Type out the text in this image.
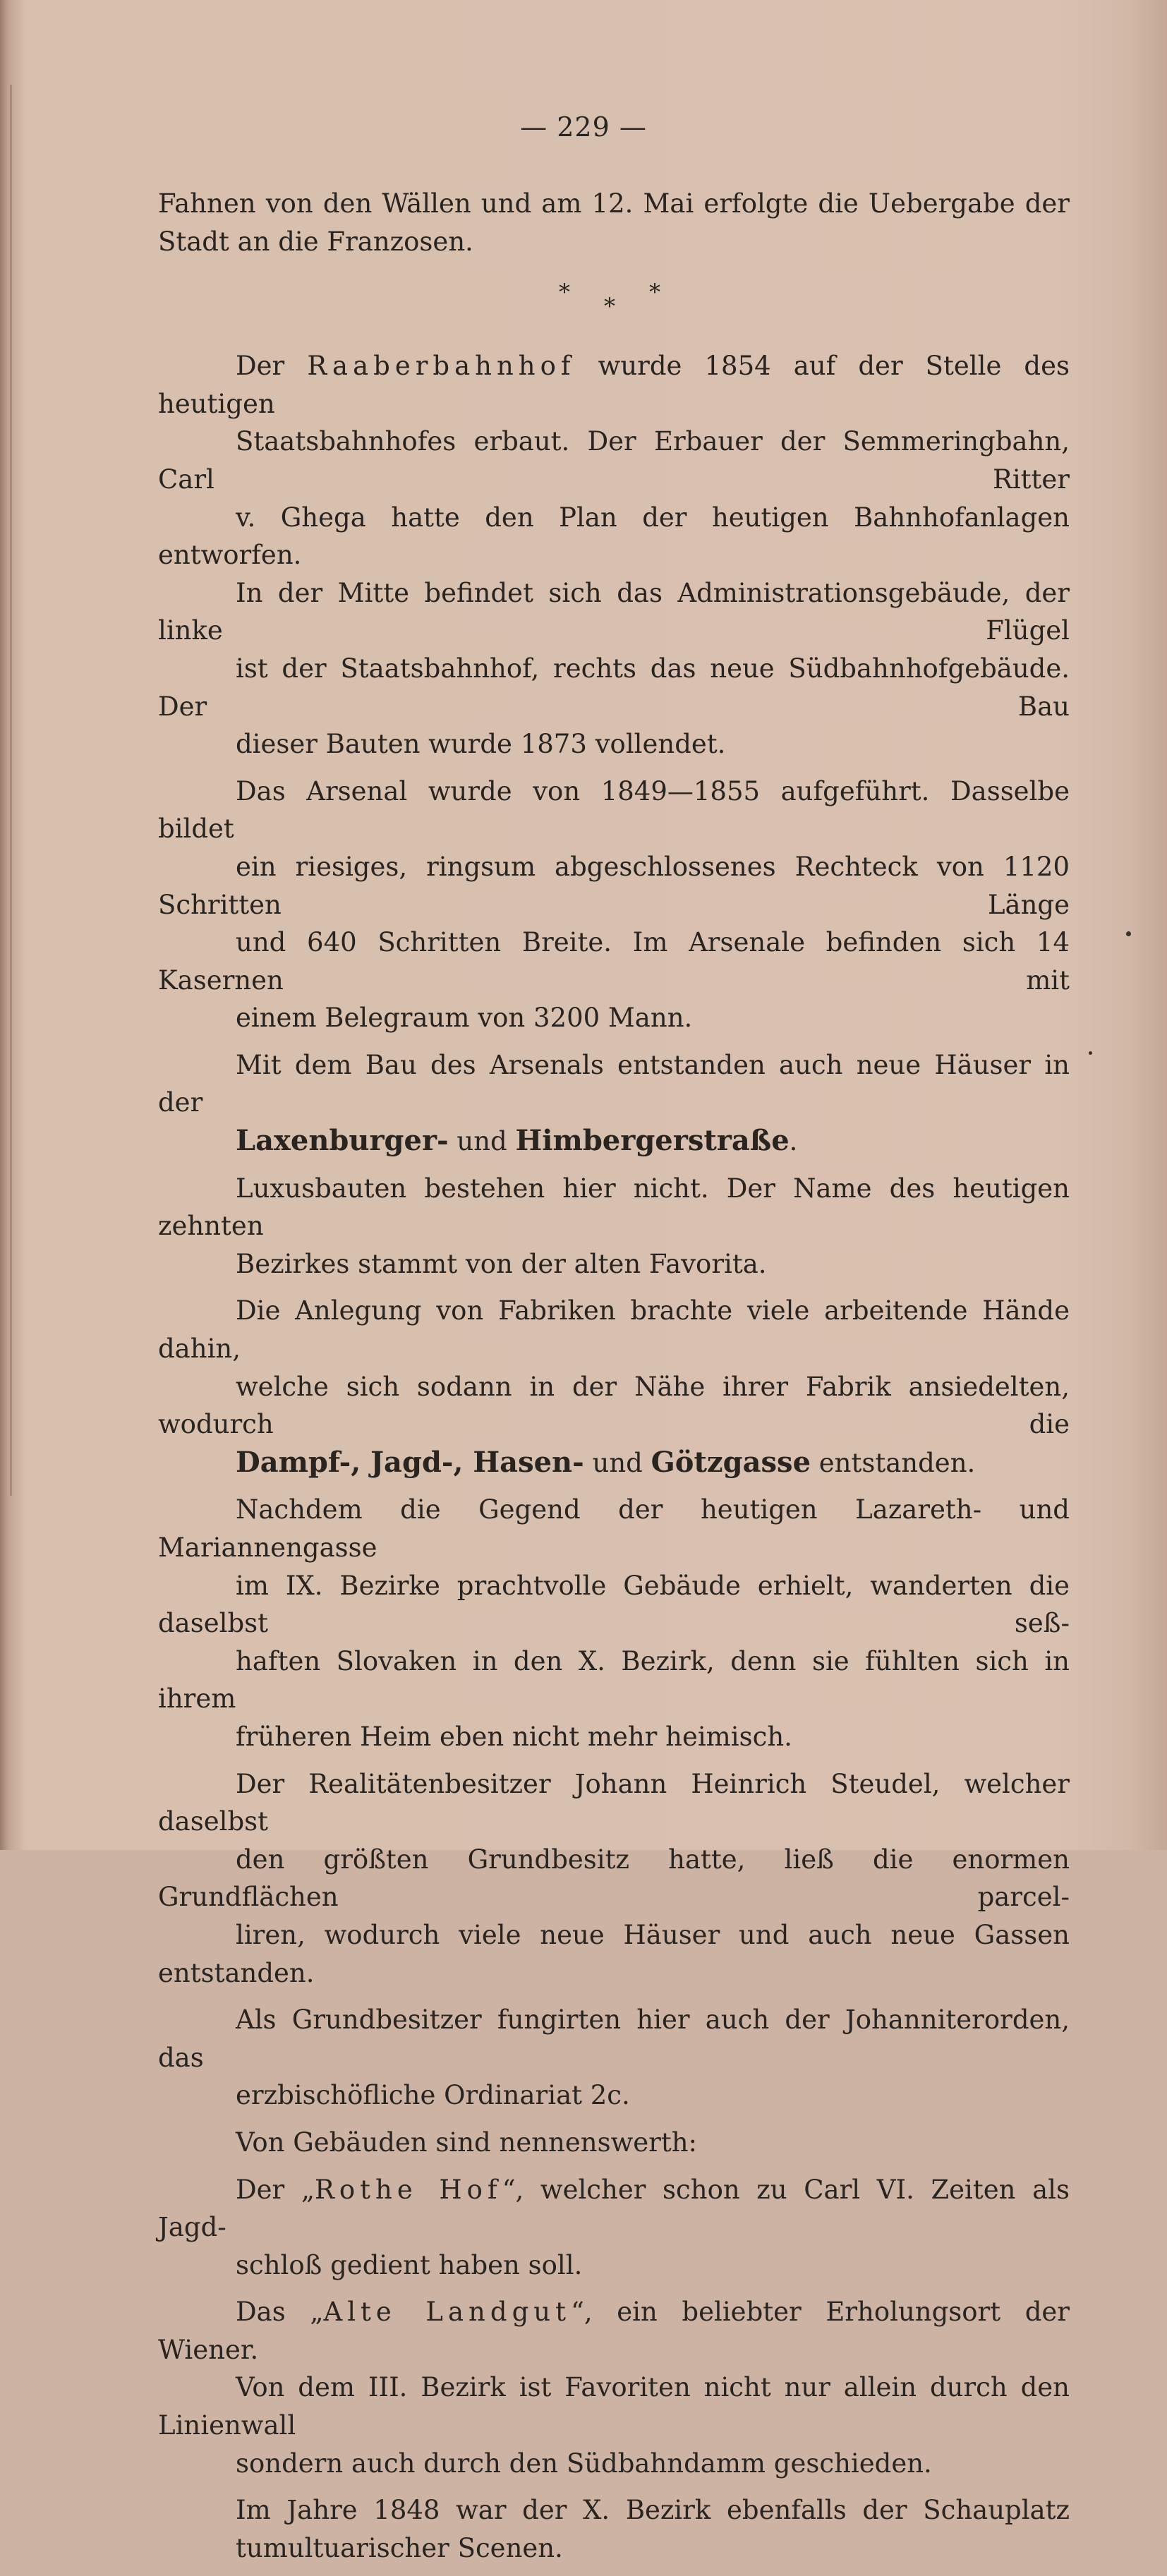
— 229 —

Fahnen von den Wällen und am 12. Mai erfolgte die Uebergabe der
Stadt an die Franzosen.

*
*
*

Der Raaberbahnhof wurde 1854 auf der Stelle des heutigen
Staatsbahnhofes erbaut. Der Erbauer der Semmeringbahn, Carl Ritter
v. Ghega hatte den Plan der heutigen Bahnhofanlagen entworfen.
In der Mitte befindet sich das Administrationsgebäude, der linke Flügel
ist der Staatsbahnhof, rechts das neue Südbahnhofgebäude. Der Bau
dieser Bauten wurde 1873 vollendet.

Das Arsenal wurde von 1849—1855 aufgeführt. Dasselbe bildet
ein riesiges, ringsum abgeschlossenes Rechteck von 1120 Schritten Länge
und 640 Schritten Breite. Im Arsenale befinden sich 14 Kasernen mit
einem Belegraum von 3200 Mann.

Mit dem Bau des Arsenals entstanden auch neue Häuser in der
Laxenburger- und Himbergerstraße.

Luxusbauten bestehen hier nicht. Der Name des heutigen zehnten
Bezirkes stammt von der alten Favorita.

Die Anlegung von Fabriken brachte viele arbeitende Hände dahin,
welche sich sodann in der Nähe ihrer Fabrik ansiedelten, wodurch die
Dampf-, Jagd-, Hasen- und Götzgasse entstanden.

Nachdem die Gegend der heutigen Lazareth- und Mariannengasse
im IX. Bezirke prachtvolle Gebäude erhielt, wanderten die daselbst seß-
haften Slovaken in den X. Bezirk, denn sie fühlten sich in ihrem
früheren Heim eben nicht mehr heimisch.

Der Realitätenbesitzer Johann Heinrich Steudel, welcher daselbst
den größten Grundbesitz hatte, ließ die enormen Grundflächen parcel-
liren, wodurch viele neue Häuser und auch neue Gassen entstanden.

Als Grundbesitzer fungirten hier auch der Johanniterorden, das
erzbischöfliche Ordinariat 2c.

Von Gebäuden sind nennenswerth:

Der „Rothe Hof“, welcher schon zu Carl VI. Zeiten als Jagd-
schloß gedient haben soll.

Das „Alte Landgut“, ein beliebter Erholungsort der Wiener.
Von dem III. Bezirk ist Favoriten nicht nur allein durch den Linienwall
sondern auch durch den Südbahndamm geschieden.

Im Jahre 1848 war der X. Bezirk ebenfalls der Schauplatz
tumultuarischer Scenen.
